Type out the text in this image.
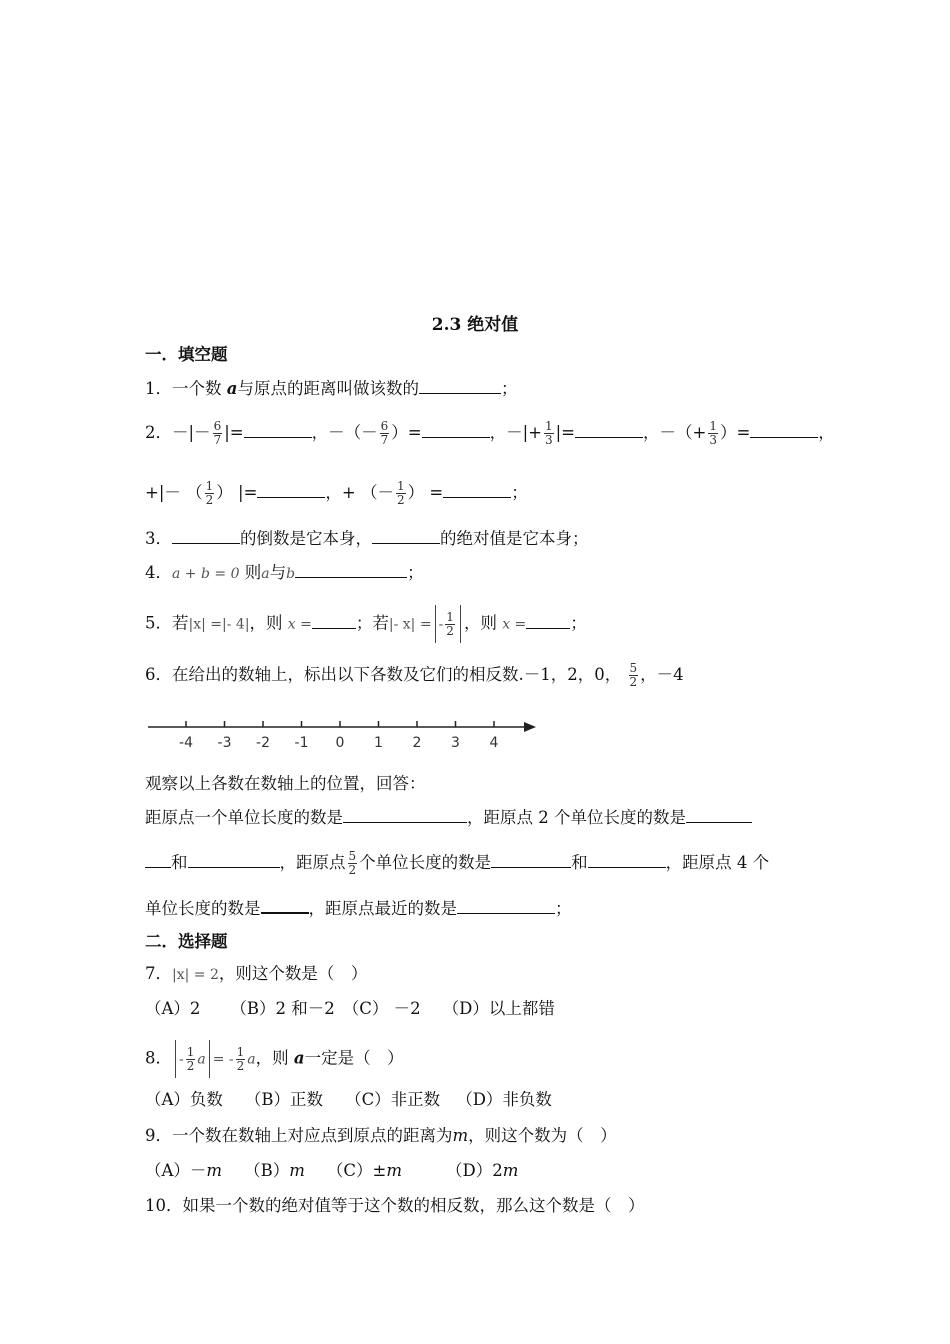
2.3 绝对值
一．填空题
1．一个数 a与原点的距离叫做该数的	；
2．－|－ $\frac{6}{7}$ |=	，－（－ $\frac{6}{7}$ ）=	，－|+ $\frac{1}{3}$ |=	，－（+ $\frac{1}{3}$ ）=	，
+|－ （ $\frac{1}{2}$ ） |=	，+ （－ $\frac{1}{2}$ ） =	；
3．	的倒数是它本身，	的绝对值是它本身；
4．a + b = 0 则a与b	；
5．若|x| =|- 4|，则 x =	；若|- x| = - $\frac{1}{2}$ ，则 x =	；
6．在给出的数轴上，标出以下各数及它们的相反数.－1，2，0， $\frac{5}{2}$ ，－4
-4 -3 -2 -1 0 1 2 3 4
观察以上各数在数轴上的位置，回答：
距原点一个单位长度的数是	，距原点 2 个单位长度的数是
和	，距原点 $\frac{5}{2}$ 个单位长度的数是	和	，距原点 4 个
单位长度的数是	，距原点最近的数是	；
二．选择题
7．|x| = 2，则这个数是（　）
（A）2 （B）2 和－2 （C） －2 （D）以上都错
8． - $\frac{1}{2}$ a = - $\frac{1}{2}$ a，则 a一定是（　）
（A）负数 （B）正数 （C）非正数 （D）非负数
9．一个数在数轴上对应点到原点的距离为m，则这个数为（　）
（A）－m （B）m （C）±m	（D）2m
10．如果一个数的绝对值等于这个数的相反数，那么这个数是（　）
